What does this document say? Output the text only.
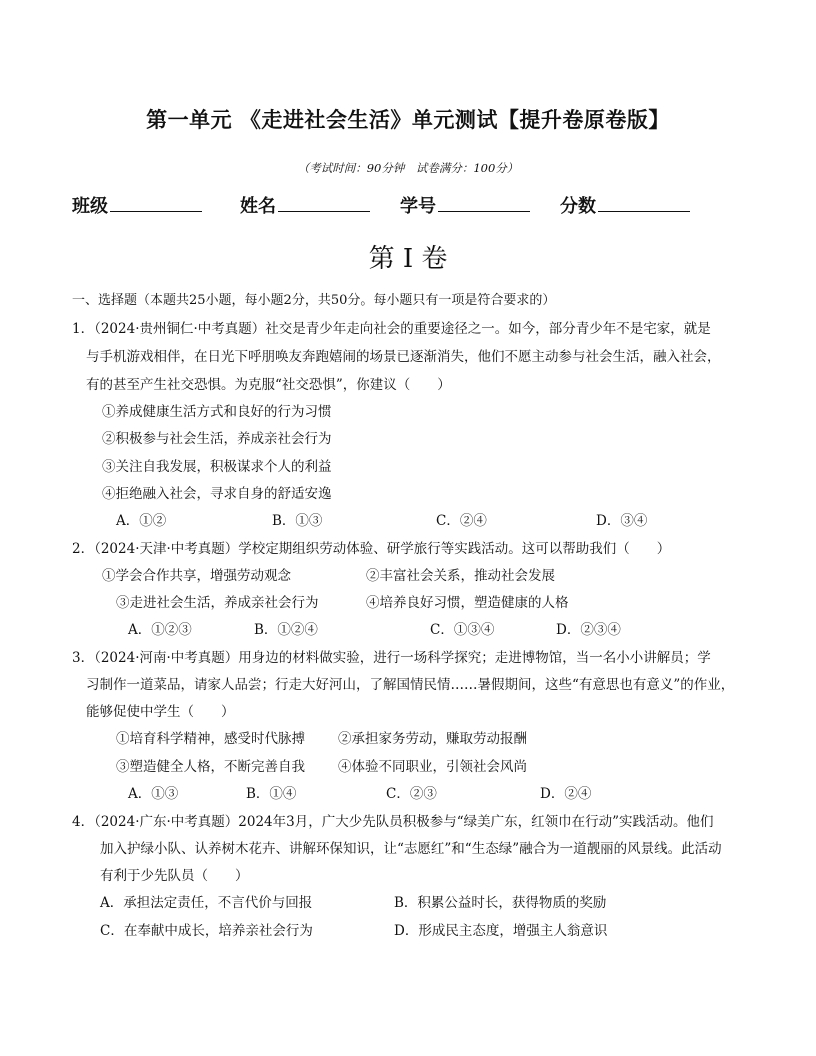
第一单元 《走进社会生活》单元测试【提升卷原卷版】
（考试时间：90分钟　试卷满分：100分）
班级	姓名	学号	分数
第 I 卷
一、选择题（本题共25小题，每小题2分，共50分。每小题只有一项是符合要求的）
1．（2024·贵州铜仁·中考真题）社交是青少年走向社会的重要途径之一。如今，部分青少年不是宅家，就是
与手机游戏相伴，在日光下呼朋唤友奔跑嬉闹的场景已逐渐消失，他们不愿主动参与社会生活，融入社会，
有的甚至产生社交恐惧。为克服“社交恐惧”，你建议（　　）
①养成健康生活方式和良好的行为习惯
②积极参与社会生活，养成亲社会行为
③关注自我发展，积极谋求个人的利益
④拒绝融入社会，寻求自身的舒适安逸
A．①②	B．①③	C．②④	D．③④
2．（2024·天津·中考真题）学校定期组织劳动体验、研学旅行等实践活动。这可以帮助我们（　　）
①学会合作共享，增强劳动观念	②丰富社会关系，推动社会发展
③走进社会生活，养成亲社会行为	④培养良好习惯，塑造健康的人格
A．①②③	B．①②④	C．①③④	D．②③④
3．（2024·河南·中考真题）用身边的材料做实验，进行一场科学探究；走进博物馆，当一名小小讲解员；学
习制作一道菜品，请家人品尝；行走大好河山，了解国情民情……暑假期间，这些“有意思也有意义”的作业，
能够促使中学生（　　）
①培育科学精神，感受时代脉搏 ②承担家务劳动，赚取劳动报酬
③塑造健全人格，不断完善自我 ④体验不同职业，引领社会风尚
A．①③	B．①④	C．②③	D．②④
4．（2024·广东·中考真题）2024年3月，广大少先队员积极参与“绿美广东，红领巾在行动”实践活动。他们
加入护绿小队、认养树木花卉、讲解环保知识，让“志愿红”和“生态绿”融合为一道靓丽的风景线。此活动
有利于少先队员（　　）
A．承担法定责任，不言代价与回报	B．积累公益时长，获得物质的奖励
C．在奉献中成长，培养亲社会行为	D．形成民主态度，增强主人翁意识
